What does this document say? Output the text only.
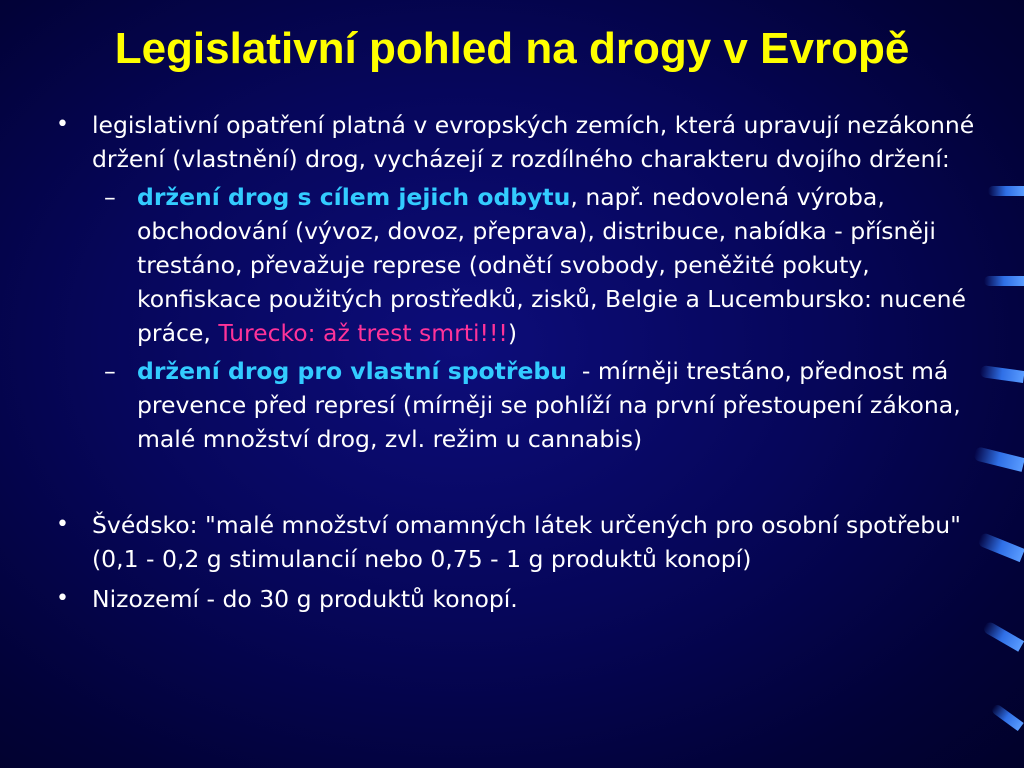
Legislativní pohled na drogy v Evropě
• legislativní opatření platná v evropských zemích, která upravují nezákonné držení (vlastnění) drog, vycházejí z rozdílného charakteru dvojího držení:
– držení drog s cílem jejich odbytu, např. nedovolená výroba, obchodování (vývoz, dovoz, přeprava), distribuce, nabídka - přísněji trestáno, převažuje represe (odnětí svobody, peněžité pokuty, konfiskace použitých prostředků, zisků, Belgie a Lucembursko: nucené práce, Turecko: až trest smrti!!!)
– držení drog pro vlastní spotřebu  - mírněji trestáno, přednost má prevence před represí (mírněji se pohlíží na první přestoupení zákona, malé množství drog, zvl. režim u cannabis)
• Švédsko: "malé množství omamných látek určených pro osobní spotřebu" (0,1 - 0,2 g stimulancií nebo 0,75 - 1 g produktů konopí)
• Nizozemí - do 30 g produktů konopí.
